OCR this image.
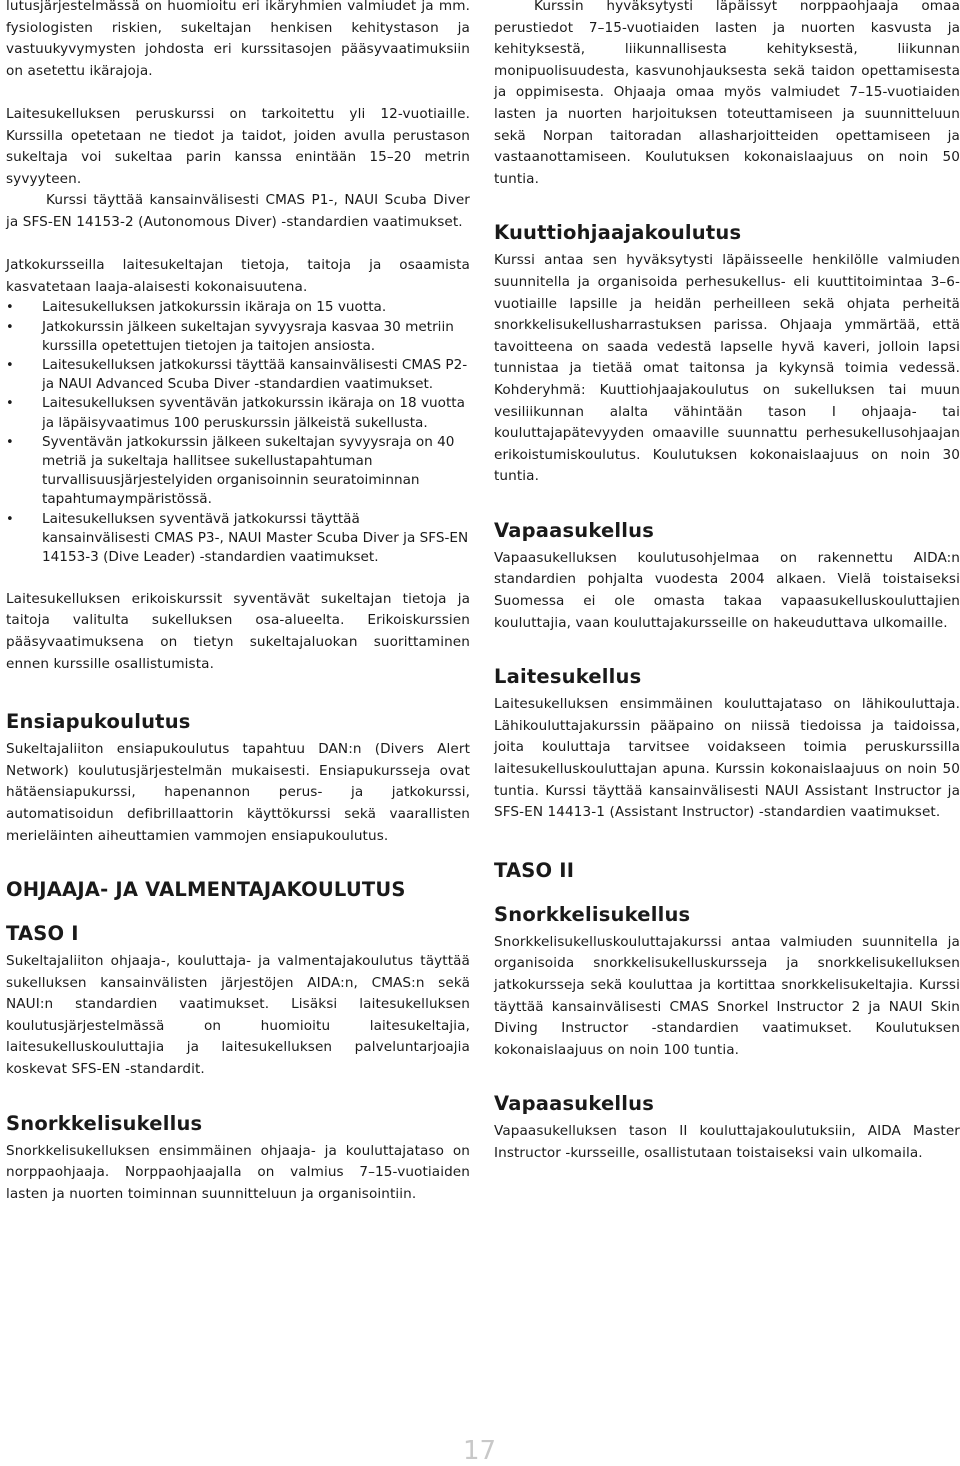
lutusjärjestelmässä on huomioitu eri ikäryhmien valmiudet ja mm. fysiologisten riskien, sukeltajan henkisen kehitystason ja vastuukyvymysten johdosta eri kurssitasojen pääsyvaatimuksiin on asetettu ikärajoja.

Laitesukelluksen peruskurssi on tarkoitettu yli 12-vuotiaille. Kurssilla opetetaan ne tiedot ja taidot, joiden avulla perustason sukeltaja voi sukeltaa parin kanssa enintään 15–20 metrin syvyyteen.

Kurssi täyttää kansainvälisesti CMAS P1-, NAUI Scuba Diver ja SFS-EN 14153-2 (Autonomous Diver) -standardien vaatimukset.

Jatkokursseilla laitesukeltajan tietoja, taitoja ja osaamista kasvatetaan laaja-alaisesti kokonaisuutena.

• Laitesukelluksen jatkokurssin ikäraja on 15 vuotta.
• Jatkokurssin jälkeen sukeltajan syvyysraja kasvaa 30 metriin kurssilla opetettujen tietojen ja taitojen ansiosta.
• Laitesukelluksen jatkokurssi täyttää kansainvälisesti CMAS P2- ja NAUI Advanced Scuba Diver -standardien vaatimukset.
• Laitesukelluksen syventävän jatkokurssin ikäraja on 18 vuotta ja läpäisyvaatimus 100 peruskurssin jälkeistä sukellusta.
• Syventävän jatkokurssin jälkeen sukeltajan syvyysraja on 40 metriä ja sukeltaja hallitsee sukellustapahtuman turvallisuusjärjestelyiden organisoinnin seuratoiminnan tapahtumaympäristössä.
• Laitesukelluksen syventävä jatkokurssi täyttää kansainvälisesti CMAS P3-, NAUI Master Scuba Diver ja SFS-EN 14153-3 (Dive Leader) -standardien vaatimukset.

Laitesukelluksen erikoiskurssit syventävät sukeltajan tietoja ja taitoja valitulta sukelluksen osa-alueelta. Erikoiskurssien pääsyvaatimuksena on tietyn sukeltajaluokan suorittaminen ennen kurssille osallistumista.

Ensiapukoulutus

Sukeltajaliiton ensiapukoulutus tapahtuu DAN:n (Divers Alert Network) koulutusjärjestelmän mukaisesti. Ensiapukursseja ovat hätäensiapukurssi, hapenannon perus- ja jatkokurssi, automatisoidun defibrillaattorin käyttökurssi sekä vaarallisten merieläinten aiheuttamien vammojen ensiapukoulutus.

OHJAAJA- JA VALMENTAJAKOULUTUS
TASO I

Sukeltajaliiton ohjaaja-, kouluttaja- ja valmentajakoulutus täyttää sukelluksen kansainvälisten järjestöjen AIDA:n, CMAS:n sekä NAUI:n standardien vaatimukset. Lisäksi laitesukelluksen koulutusjärjestelmässä on huomioitu laitesukeltajia, laitesukelluskouluttajia ja laitesukelluksen palveluntarjoajia koskevat SFS-EN -standardit.

Snorkkelisukellus

Snorkkelisukelluksen ensimmäinen ohjaaja- ja kouluttajataso on norppaohjaaja. Norppaohjaajalla on valmius 7–15-vuotiaiden lasten ja nuorten toiminnan suunnitteluun ja organisointiin.

Kurssin hyväksytysti läpäissyt norppaohjaaja omaa perustiedot 7–15-vuotiaiden lasten ja nuorten kasvusta ja kehityksestä, liikunnallisesta kehityksestä, liikunnan monipuolisuudesta, kasvunohjauksesta sekä taidon opettamisesta ja oppimisesta. Ohjaaja omaa myös valmiudet 7–15-vuotiaiden lasten ja nuorten harjoituksen toteuttamiseen ja suunnitteluun sekä Norpan taitoradan allasharjoitteiden opettamiseen ja vastaanottamiseen. Koulutuksen kokonaislaajuus on noin 50 tuntia.

Kuuttiohjaajakoulutus

Kurssi antaa sen hyväksytysti läpäisseelle henkilölle valmiuden suunnitella ja organisoida perhesukellus- eli kuuttitoimintaa 3–6-vuotiaille lapsille ja heidän perheilleen sekä ohjata perheitä snorkkelisukellusharrastuksen parissa. Ohjaaja ymmärtää, että tavoitteena on saada vedestä lapselle hyvä kaveri, jolloin lapsi tunnistaa ja tietää omat taitonsa ja kykynsä toimia vedessä. Kohderyhmä: Kuuttiohjaajakoulutus on sukelluksen tai muun vesiliikunnan alalta vähintään tason I ohjaaja- tai kouluttajapätevyyden omaaville suunnattu perhesukellusohjaajan erikoistumiskoulutus. Koulutuksen kokonaislaajuus on noin 30 tuntia.

Vapaasukellus

Vapaasukelluksen koulutusohjelmaa on rakennettu AIDA:n standardien pohjalta vuodesta 2004 alkaen. Vielä toistaiseksi Suomessa ei ole omasta takaa vapaasukelluskouluttajien kouluttajia, vaan kouluttajakursseille on hakeuduttava ulkomaille.

Laitesukellus

Laitesukelluksen ensimmäinen kouluttajataso on lähikouluttaja. Lähikouluttajakurssin pääpaino on niissä tiedoissa ja taidoissa, joita kouluttaja tarvitsee voidakseen toimia peruskurssilla laitesukelluskouluttajan apuna. Kurssin kokonaislaajuus on noin 50 tuntia. Kurssi täyttää kansainvälisesti NAUI Assistant Instructor ja SFS-EN 14413-1 (Assistant Instructor) -standardien vaatimukset.

TASO II
Snorkkelisukellus

Snorkkelisukelluskouluttajakurssi antaa valmiuden suunnitella ja organisoida snorkkelisukelluskursseja ja snorkkelisukelluksen jatkokursseja sekä kouluttaa ja kortittaa snorkkelisukeltajia. Kurssi täyttää kansainvälisesti CMAS Snorkel Instructor 2 ja NAUI Skin Diving Instructor -standardien vaatimukset. Koulutuksen kokonaislaajuus on noin 100 tuntia.

Vapaasukellus

Vapaasukelluksen tason II kouluttajakoulutuksiin, AIDA Master Instructor -kursseille, osallistutaan toistaiseksi vain ulkomaila.

17
